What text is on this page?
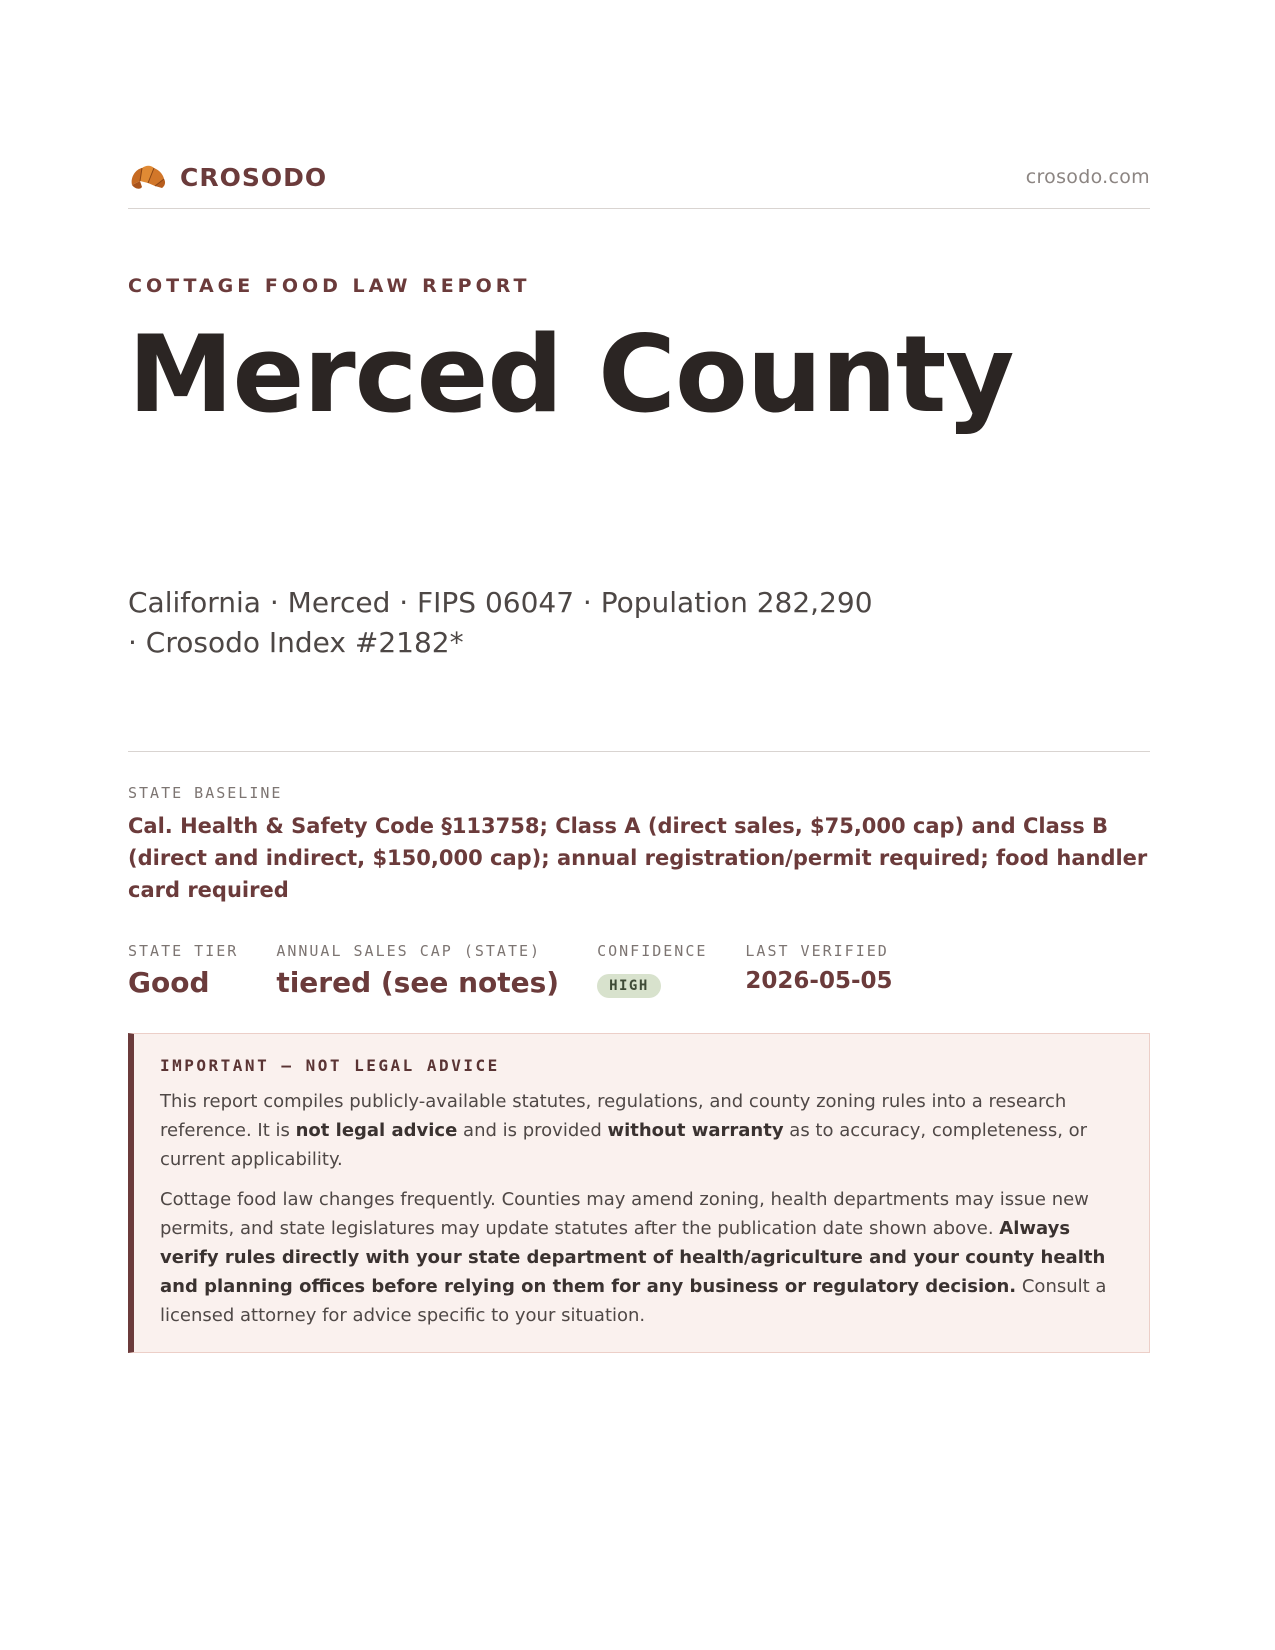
CROSODO	crosodo.com
COTTAGE FOOD LAW REPORT
Merced County
California · Merced · FIPS 06047 · Population 282,290 · Crosodo Index #2182*
STATE BASELINE
Cal. Health & Safety Code §113758; Class A (direct sales, $75,000 cap) and Class B (direct and indirect, $150,000 cap); annual registration/permit required; food handler card required
STATE TIER
Good
ANNUAL SALES CAP (STATE)
tiered (see notes)
CONFIDENCE
HIGH
LAST VERIFIED
2026-05-05
IMPORTANT — NOT LEGAL ADVICE

This report compiles publicly-available statutes, regulations, and county zoning rules into a research reference. It is not legal advice and is provided without warranty as to accuracy, completeness, or current applicability.

Cottage food law changes frequently. Counties may amend zoning, health departments may issue new permits, and state legislatures may update statutes after the publication date shown above. Always verify rules directly with your state department of health/agriculture and your county health and planning offices before relying on them for any business or regulatory decision. Consult a licensed attorney for advice specific to your situation.
